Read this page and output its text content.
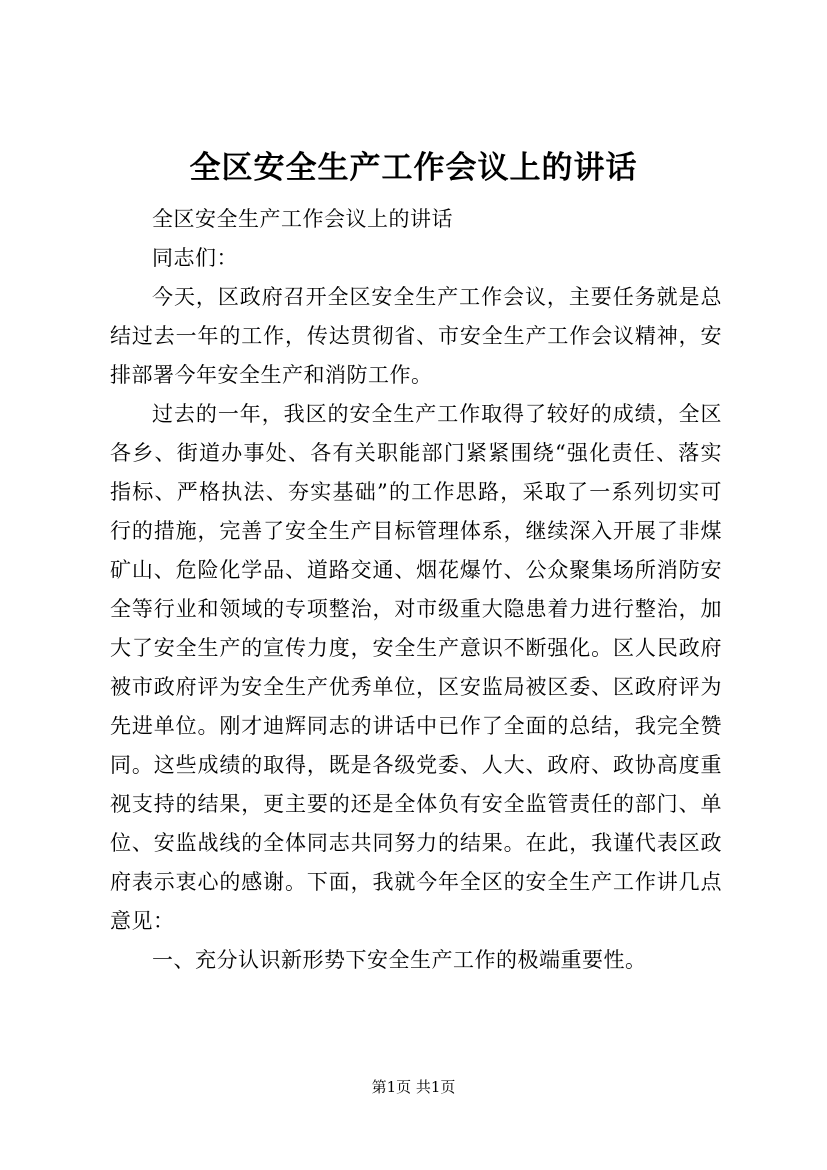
全区安全生产工作会议上的讲话

全区安全生产工作会议上的讲话

同志们：

今天，区政府召开全区安全生产工作会议，主要任务就是总结过去一年的工作，传达贯彻省、市安全生产工作会议精神，安排部署今年安全生产和消防工作。

过去的一年，我区的安全生产工作取得了较好的成绩，全区各乡、街道办事处、各有关职能部门紧紧围绕“强化责任、落实指标、严格执法、夯实基础”的工作思路，采取了一系列切实可行的措施，完善了安全生产目标管理体系，继续深入开展了非煤矿山、危险化学品、道路交通、烟花爆竹、公众聚集场所消防安全等行业和领域的专项整治，对市级重大隐患着力进行整治，加大了安全生产的宣传力度，安全生产意识不断强化。区人民政府被市政府评为安全生产优秀单位，区安监局被区委、区政府评为先进单位。刚才迪辉同志的讲话中已作了全面的总结，我完全赞同。这些成绩的取得，既是各级党委、人大、政府、政协高度重视支持的结果，更主要的还是全体负有安全监管责任的部门、单位、安监战线的全体同志共同努力的结果。在此，我谨代表区政府表示衷心的感谢。下面，我就今年全区的安全生产工作讲几点意见：

一、充分认识新形势下安全生产工作的极端重要性。

第1页 共1页
